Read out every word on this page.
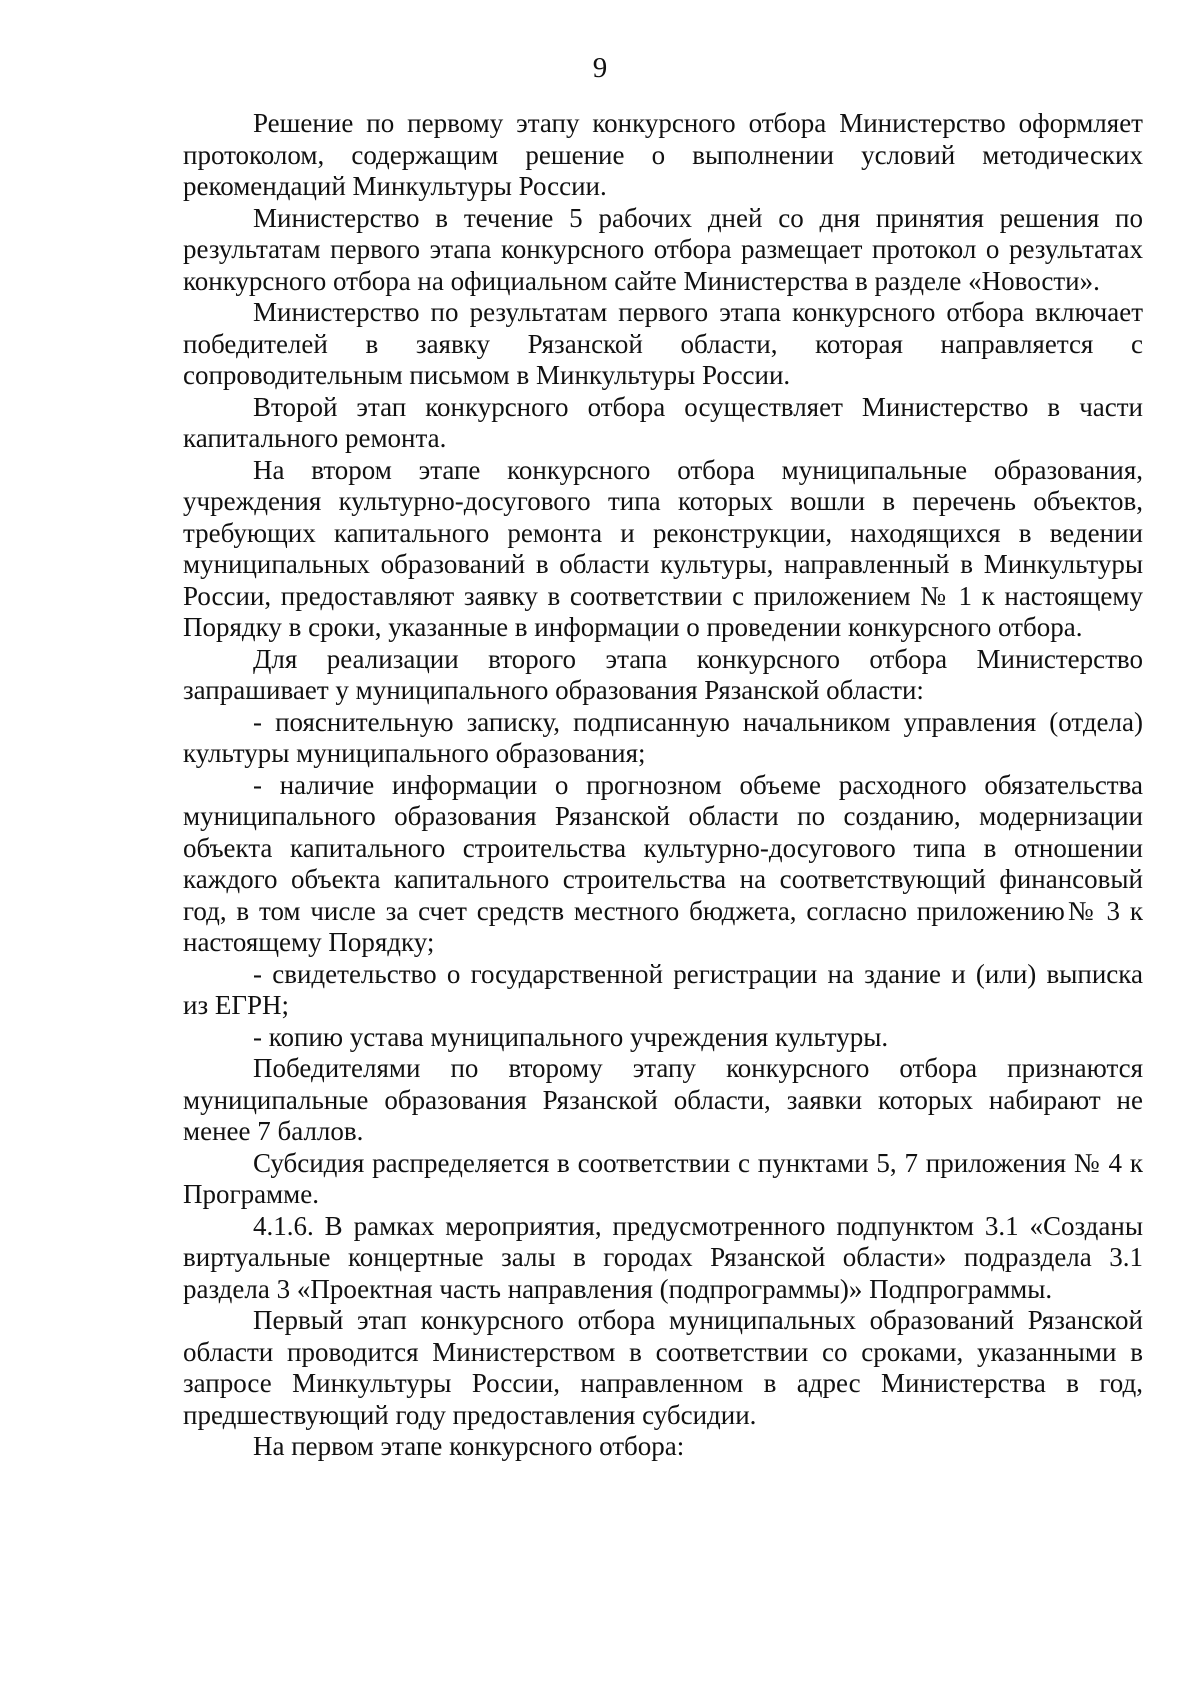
9

Решение по первому этапу конкурсного отбора Министерство оформляет протоколом, содержащим решение о выполнении условий методических рекомендаций Минкультуры России.

Министерство в течение 5 рабочих дней со дня принятия решения по результатам первого этапа конкурсного отбора размещает протокол о результатах конкурсного отбора на официальном сайте Министерства в разделе «Новости».

Министерство по результатам первого этапа конкурсного отбора включает победителей в заявку Рязанской области, которая направляется с сопроводительным письмом в Минкультуры России.

Второй этап конкурсного отбора осуществляет Министерство в части капитального ремонта.

На втором этапе конкурсного отбора муниципальные образования, учреждения культурно-досугового типа которых вошли в перечень объектов, требующих капитального ремонта и реконструкции, находящихся в ведении муниципальных образований в области культуры, направленный в Минкультуры России, предоставляют заявку в соответствии с приложением № 1 к настоящему Порядку в сроки, указанные в информации о проведении конкурсного отбора.

Для реализации второго этапа конкурсного отбора Министерство запрашивает у муниципального образования Рязанской области:

- пояснительную записку, подписанную начальником управления (отдела) культуры муниципального образования;

- наличие информации о прогнозном объеме расходного обязательства муниципального образования Рязанской области по созданию, модернизации объекта капитального строительства культурно-досугового типа в отношении каждого объекта капитального строительства на соответствующий финансовый год, в том числе за счет средств местного бюджета, согласно приложению№ 3 к настоящему Порядку;

- свидетельство о государственной регистрации на здание и (или) выписка из ЕГРН;

- копию устава муниципального учреждения культуры.

Победителями по второму этапу конкурсного отбора признаются муниципальные образования Рязанской области, заявки которых набирают не менее 7 баллов.

Субсидия распределяется в соответствии с пунктами 5, 7 приложения № 4 к Программе.

4.1.6. В рамках мероприятия, предусмотренного подпунктом 3.1 «Созданы виртуальные концертные залы в городах Рязанской области» подраздела 3.1 раздела 3 «Проектная часть направления (подпрограммы)» Подпрограммы.

Первый этап конкурсного отбора муниципальных образований Рязанской области проводится Министерством в соответствии со сроками, указанными в запросе Минкультуры России, направленном в адрес Министерства в год, предшествующий году предоставления субсидии.

На первом этапе конкурсного отбора:
